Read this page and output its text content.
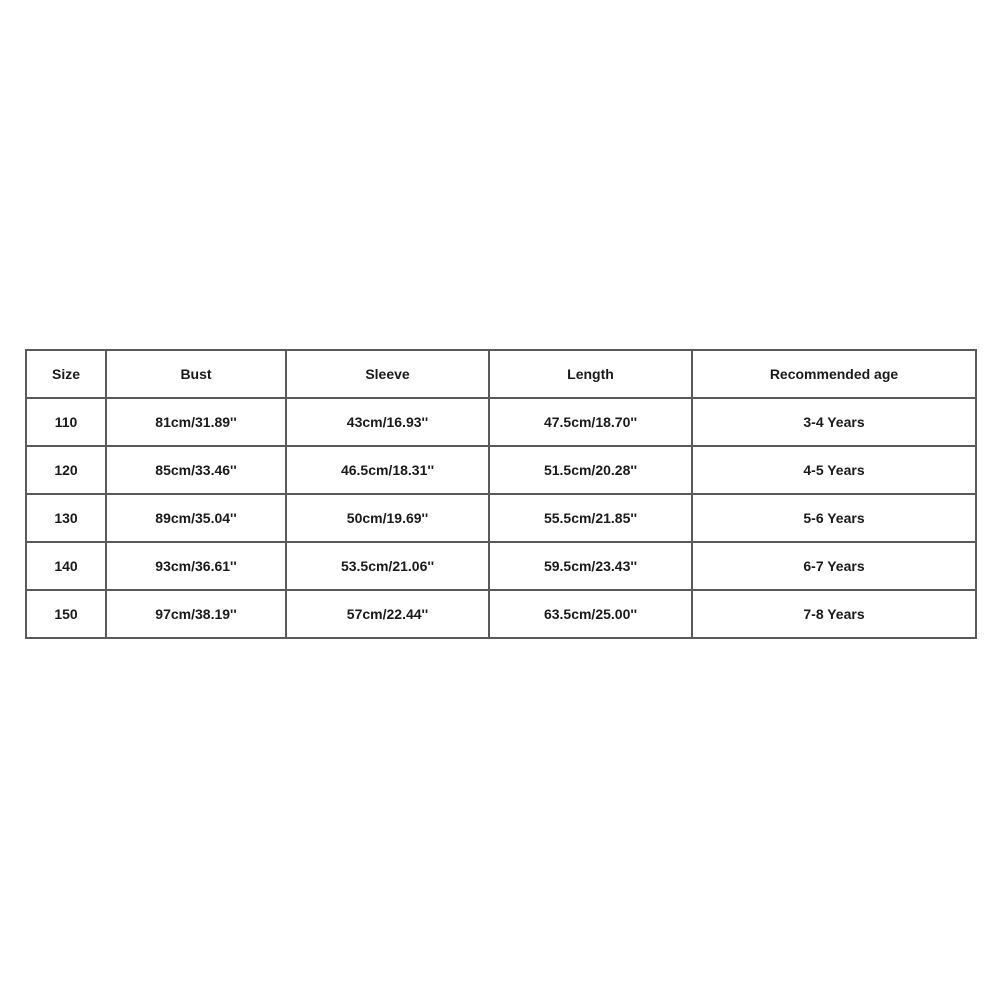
Size	Bust	Sleeve	Length	Recommended age
110	81cm/31.89''	43cm/16.93''	47.5cm/18.70''	3-4 Years
120	85cm/33.46''	46.5cm/18.31''	51.5cm/20.28''	4-5 Years
130	89cm/35.04''	50cm/19.69''	55.5cm/21.85''	5-6 Years
140	93cm/36.61''	53.5cm/21.06''	59.5cm/23.43''	6-7 Years
150	97cm/38.19''	57cm/22.44''	63.5cm/25.00''	7-8 Years
